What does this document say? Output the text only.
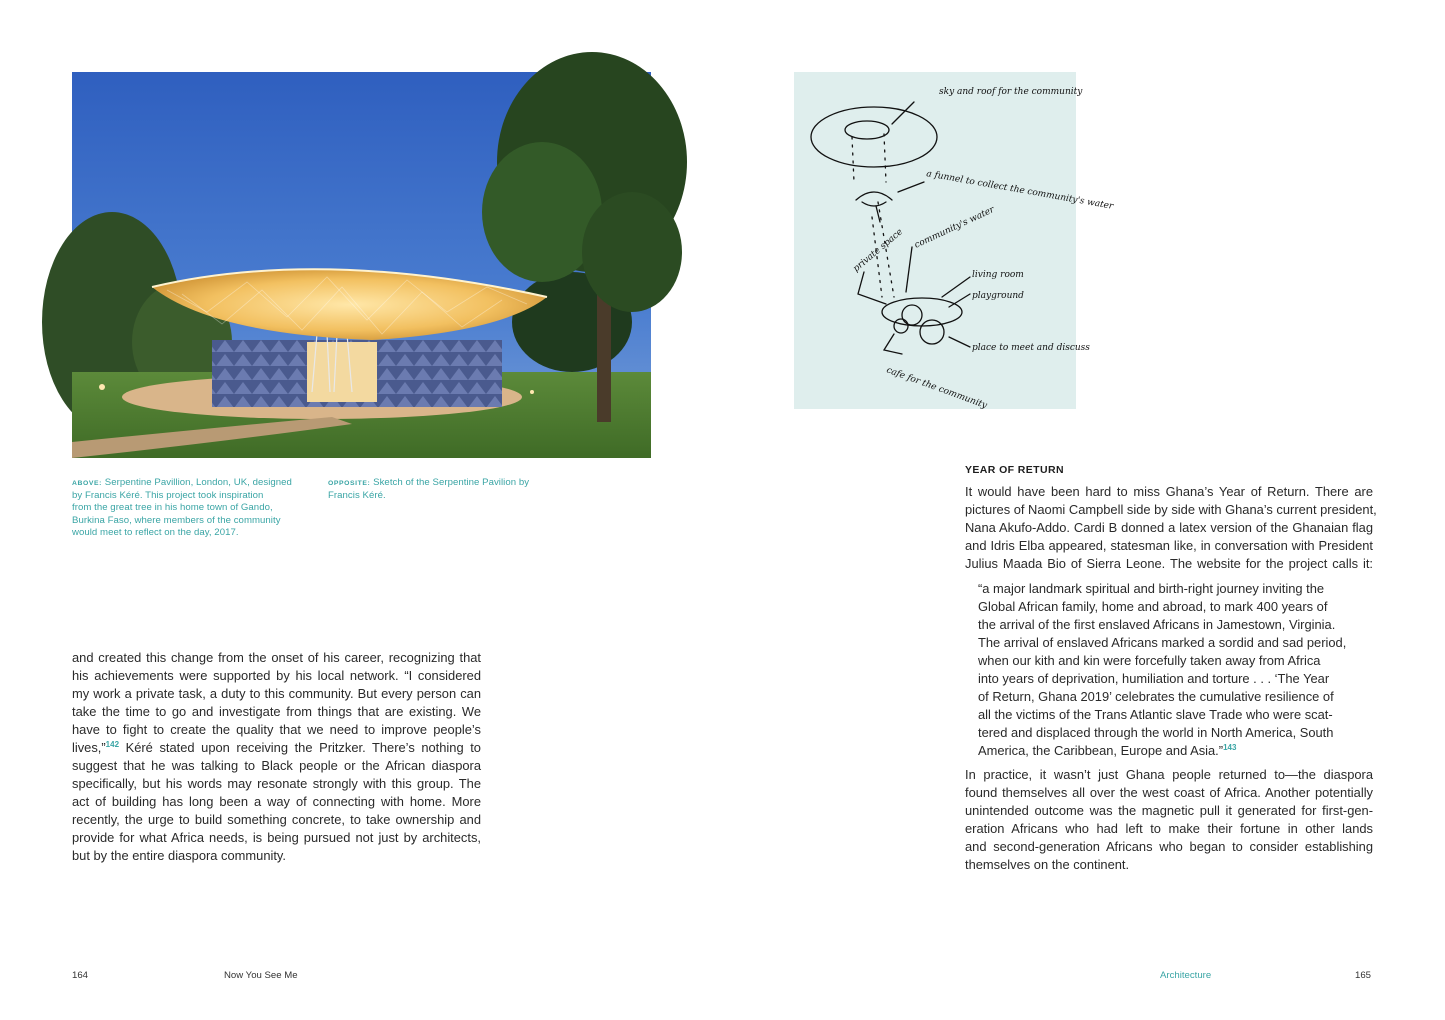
ABOVE: Serpentine Pavillion, London, UK, designed
by Francis Kéré. This project took inspiration
from the great tree in his home town of Gando,
Burkina Faso, where members of the community
would meet to reflect on the day, 2017.
OPPOSITE: Sketch of the Serpentine Pavilion by
Francis Kéré.
and created this change from the onset of his career, recognizing that
his achievements were supported by his local network. “I considered
my work a private task, a duty to this community. But every person can
take the time to go and investigate from things that are existing. We
have to fight to create the quality that we need to improve people’s
lives,”$^{142}$ Kéré stated upon receiving the Pritzker. There’s nothing to
suggest that he was talking to Black people or the African diaspora
specifically, but his words may resonate strongly with this group. The
act of building has long been a way of connecting with home. More
recently, the urge to build something concrete, to take ownership and
provide for what Africa needs, is being pursued not just by architects,
but by the entire diaspora community.
sky and roof for the community
a funnel to collect the community's water
community's water
private space
living room
playground
place to meet and discuss
cafe for the community
YEAR OF RETURN
It would have been hard to miss Ghana’s Year of Return. There are
pictures of Naomi Campbell side by side with Ghana’s current president,
Nana Akufo-Addo. Cardi B donned a latex version of the Ghanaian flag
and Idris Elba appeared, statesman like, in conversation with President
Julius Maada Bio of Sierra Leone. The website for the project calls it:
“a major landmark spiritual and birth-right journey inviting the
Global African family, home and abroad, to mark 400 years of
the arrival of the first enslaved Africans in Jamestown, Virginia.
The arrival of enslaved Africans marked a sordid and sad period,
when our kith and kin were forcefully taken away from Africa
into years of deprivation, humiliation and torture . . . ‘The Year
of Return, Ghana 2019’ celebrates the cumulative resilience of
all the victims of the Trans Atlantic slave Trade who were scat-
tered and displaced through the world in North America, South
America, the Caribbean, Europe and Asia.”$^{143}$
In practice, it wasn’t just Ghana people returned to—the diaspora
found themselves all over the west coast of Africa. Another potentially
unintended outcome was the magnetic pull it generated for first-gen-
eration Africans who had left to make their fortune in other lands
and second-generation Africans who began to consider establishing
themselves on the continent.
164	Now You See Me	Architecture	165
